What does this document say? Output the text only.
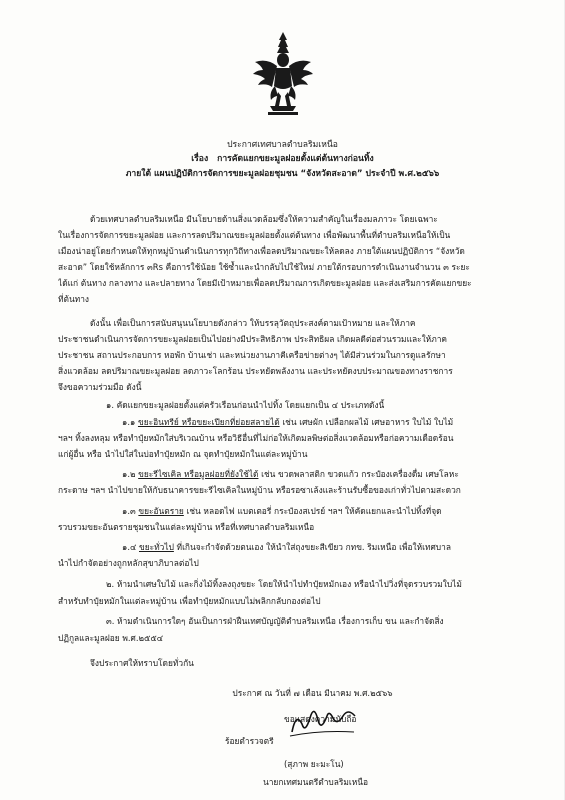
ประกาศเทศบาลตำบลริมเหนือ
เรื่อง การคัดแยกขยะมูลฝอยตั้งแต่ต้นทางก่อนทิ้ง
ภายใต้ แผนปฏิบัติการจัดการขยะมูลฝอยชุมชน “จังหวัดสะอาด” ประจำปี พ.ศ.๒๕๖๖
ด้วยเทศบาลตำบลริมเหนือ มีนโยบายด้านสิ่งแวดล้อมซึ่งให้ความสำคัญในเรื่องมลภาวะ โดยเฉพาะ
ในเรื่องการจัดการขยะมูลฝอย และการลดปริมาณขยะมูลฝอยตั้งแต่ต้นทาง เพื่อพัฒนาพื้นที่ตำบลริมเหนือให้เป็น
เมืองน่าอยู่โดยกำหนดให้ทุกหมู่บ้านดำเนินการทุกวิถีทางเพื่อลดปริมาณขยะให้ลดลง ภายใต้แผนปฏิบัติการ “จังหวัด
สะอาด” โดยใช้หลักการ ๓Rs คือการใช้น้อย ใช้ซ้ำและนำกลับไปใช้ใหม่ ภายใต้กรอบการดำเนินงานจำนวน ๓ ระยะ
ได้แก่ ต้นทาง กลางทาง และปลายทาง โดยมีเป้าหมายเพื่อลดปริมาณการเกิดขยะมูลฝอย และส่งเสริมการคัดแยกขยะ
ที่ต้นทาง
ดังนั้น เพื่อเป็นการสนับสนุนนโยบายดังกล่าว ให้บรรลุวัตถุประสงค์ตามเป้าหมาย และให้ภาค
ประชาชนดำเนินการจัดการขยะมูลฝอยเป็นไปอย่างมีประสิทธิภาพ ประสิทธิผล เกิดผลดีต่อส่วนรวมและให้ภาค
ประชาชน สถานประกอบการ หอพัก บ้านเช่า และหน่วยงานภาคีเครือข่ายต่างๆ ได้มีส่วนร่วมในการดูแลรักษา
สิ่งแวดล้อม ลดปริมาณขยะมูลฝอย ลดภาวะโลกร้อน ประหยัดพลังงาน และประหยัดงบประมาณของทางราชการ
จึงขอความร่วมมือ ดังนี้
๑. คัดแยกขยะมูลฝอยตั้งแต่ครัวเรือนก่อนนำไปทิ้ง โดยแยกเป็น ๔ ประเภทดังนี้
๑.๑ ขยะอินทรีย์ หรือขยะเปียกที่ย่อยสลายได้ เช่น เศษผัก เปลือกผลไม้ เศษอาหาร ใบไม้ ใบไม้
ฯลฯ ทิ้งลงหลุม หรือทำปุ๋ยหมักใส่บริเวณบ้าน หรือวิธีอื่นที่ไม่ก่อให้เกิดมลพิษต่อสิ่งแวดล้อมหรือก่อความเดือดร้อน
แก่ผู้อื่น หรือ นำไปใส่ในบ่อทำปุ๋ยหมัก ณ จุดทำปุ๋ยหมักในแต่ละหมู่บ้าน
๑.๒ ขยะรีไซเคิล หรือมูลฝอยที่ยังใช้ได้ เช่น ขวดพลาสติก ขวดแก้ว กระป๋องเครื่องดื่ม เศษโลหะ
กระดาษ ฯลฯ นำไปขายให้กับธนาคารขยะรีไซเคิลในหมู่บ้าน หรือรอซาเล้งและร้านรับซื้อของเก่าทั่วไปตามสะดวก
๑.๓ ขยะอันตราย เช่น หลอดไฟ แบตเตอรี่ กระป๋องสเปรย์ ฯลฯ ให้คัดแยกและนำไปทิ้งที่จุด
รวบรวมขยะอันตรายชุมชนในแต่ละหมู่บ้าน หรือที่เทศบาลตำบลริมเหนือ
๑.๔ ขยะทั่วไป ที่เกินจะกำจัดด้วยตนเอง ให้นำใส่ถุงขยะสีเขียว กทข. ริมเหนือ เพื่อให้เทศบาล
นำไปกำจัดอย่างถูกหลักสุขาภิบาลต่อไป
๒. ห้ามนำเศษใบไม้ และกิ่งไม้ทิ้งลงถุงขยะ โดยให้นำไปทำปุ๋ยหมักเอง หรือนำไปวิ่งที่จุดรวบรวมใบไม้
สำหรับทำปุ๋ยหมักในแต่ละหมู่บ้าน เพื่อทำปุ๋ยหมักแบบไม่พลิกกลับกองต่อไป
๓. ห้ามดำเนินการใดๆ อันเป็นการฝ่าฝืนเทศบัญญัติตำบลริมเหนือ เรื่องการเก็บ ขน และกำจัดสิ่ง
ปฏิกูลและมูลฝอย พ.ศ.๒๕๕๔
จึงประกาศให้ทราบโดยทั่วกัน
ประกาศ ณ วันที่ ๗ เดือน มีนาคม พ.ศ.๒๕๖๖
ขอแสดงความนับถือ
ร้อยตำรวจตรี
(สุภาพ ยะมะโน)
นายกเทศมนตรีตำบลริมเหนือ
